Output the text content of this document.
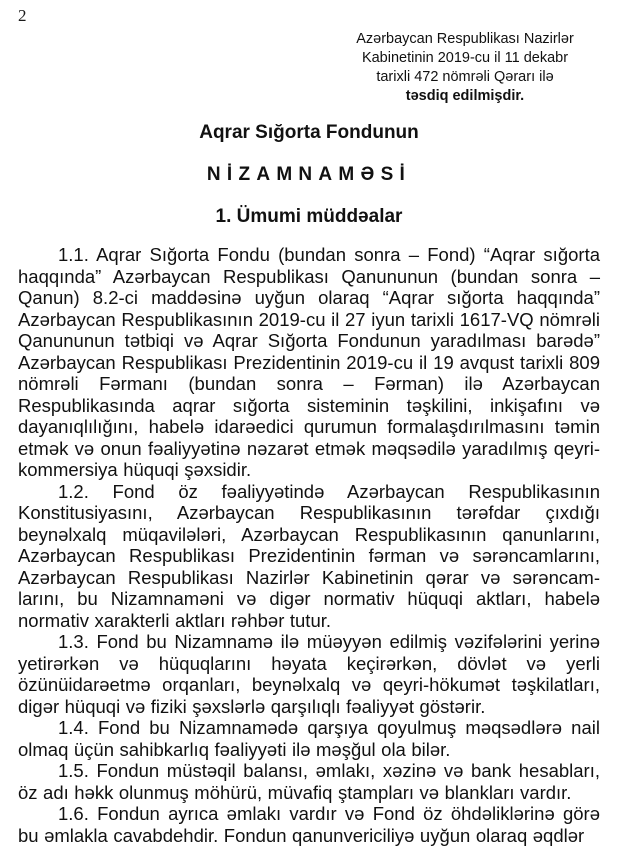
2
Azərbaycan Respublikası Nazirlər
Kabinetinin 2019-cu il 11 dekabr
tarixli 472 nömrəli Qərarı ilə
təsdiq edilmişdir.
Aqrar Sığorta Fondunun
NİZAMNAMƏSİ
1. Ümumi müddəalar

1.1. Aqrar Sığorta Fondu (bundan sonra – Fond) “Aqrar sığorta haqqında” Azərbaycan Respublikası Qanununun (bundan sonra – Qanun) 8.2-ci maddəsinə uyğun olaraq “Aqrar sığorta haqqında” Azərbaycan Respublikasının 2019-cu il 27 iyun tarixli 1617-VQ nömrəli Qanununun tətbiqi və Aqrar Sığorta Fondunun yaradılması barədə” Azərbaycan Respublikası Prezidentinin 2019-cu il 19 avqust tarixli 809 nömrəli Fərmanı (bundan sonra – Fərman) ilə Azərbaycan Respublikasında aqrar sığorta sisteminin təşkilini, inkişafını və dayanıqlılığını, habelə idarəedici qurumun formalaşdırılmasını təmin etmək və onun fəaliyyətinə nəzarət etmək məqsədilə yaradılmış qeyri-kommersiya hüquqi şəxsidir.

1.2. Fond öz fəaliyyətində Azərbaycan Respublikasının Konstitusiyasını, Azərbaycan Respublikasının tərəfdar çıxdığı beynəlxalq müqavilələri, Azərbaycan Respublikasının qanunlarını, Azərbaycan Respublikası Prezidentinin fərman və sərəncamlarını, Azərbaycan Respublikası Nazirlər Kabinetinin qərar və sərəncamlarını, bu Nizamnaməni və digər normativ hüquqi aktları, habelə normativ xarakterli aktları rəhbər tutur.

1.3. Fond bu Nizamnamə ilə müəyyən edilmiş vəzifələrini yerinə yetirərkən və hüquqlarını həyata keçirərkən, dövlət və yerli özünüidarəetmə orqanları, beynəlxalq və qeyri-hökumət təşkilatları, digər hüquqi və fiziki şəxslərlə qarşılıqlı fəaliyyət göstərir.

1.4. Fond bu Nizamnamədə qarşıya qoyulmuş məqsədlərə nail olmaq üçün sahibkarlıq fəaliyyəti ilə məşğul ola bilər.

1.5. Fondun müstəqil balansı, əmlakı, xəzinə və bank hesabları, öz adı həkk olunmuş möhürü, müvafiq ştampları və blankları vardır.

1.6. Fondun ayrıca əmlakı vardır və Fond öz öhdəliklərinə görə bu əmlakla cavabdehdir. Fondun qanunvericiliyə uyğun olaraq əqdlər
